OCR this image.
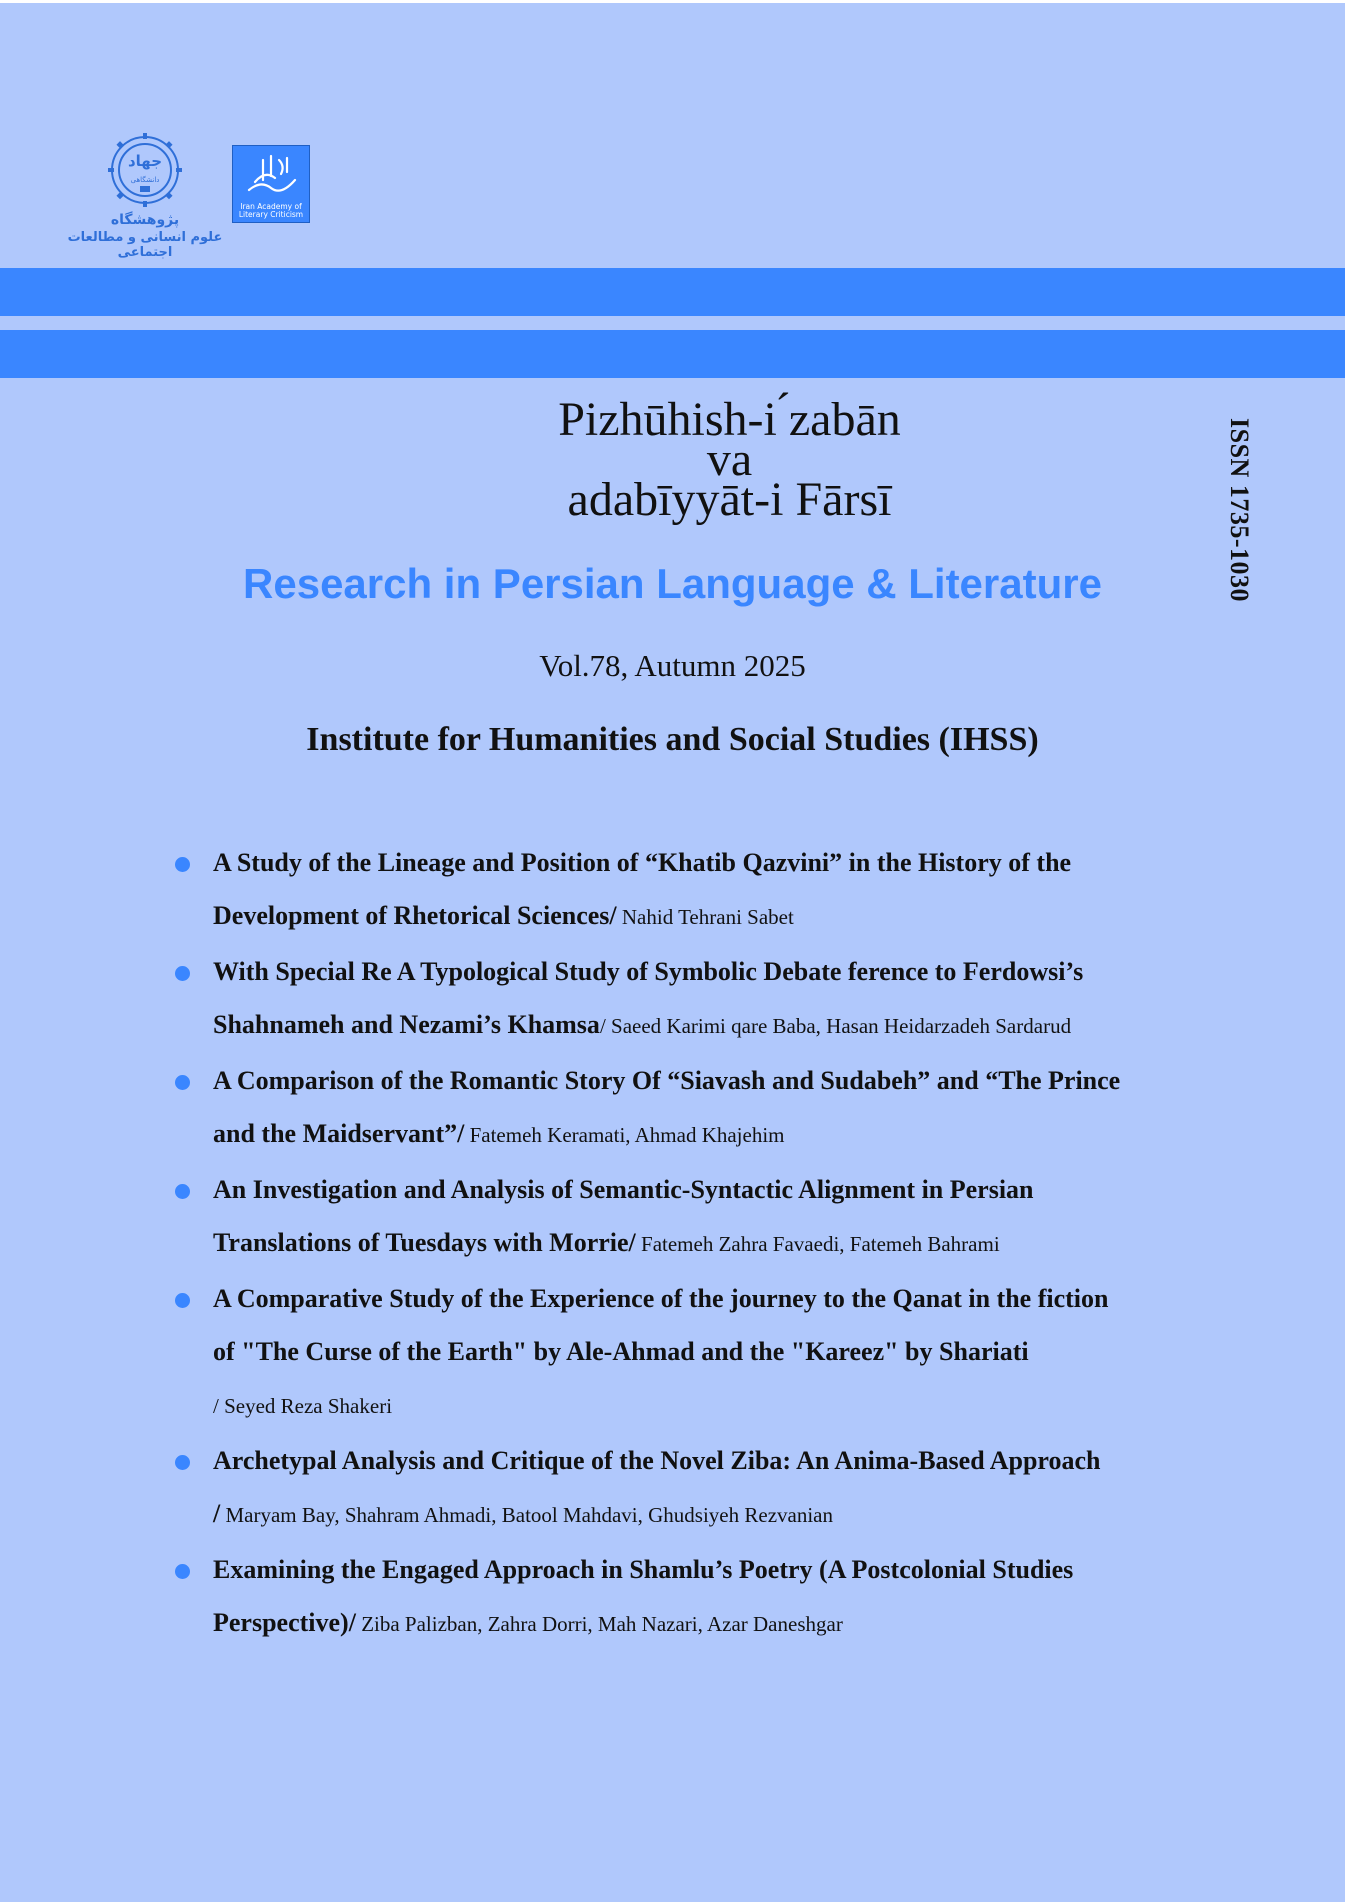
جهاد
دانشگاهی
پژوهشگاه
علوم انسانی و مطالعات اجتماعی
Iran Academy of
Literary Criticism
ISSN 1735-1030
Pizhūhish-i ́zabān
va
adabīyyāt-i Fārsī
Research in Persian Language & Literature
Vol.78, Autumn 2025
Institute for Humanities and Social Studies (IHSS)
A Study of the Lineage and Position of “Khatib Qazvini” in the History of the
Development of Rhetorical Sciences/ Nahid Tehrani Sabet
With Special Re A Typological Study of Symbolic Debate ference to Ferdowsi’s
Shahnameh and Nezami’s Khamsa/ Saeed Karimi qare Baba, Hasan Heidarzadeh Sardarud
A Comparison of the Romantic Story Of “Siavash and Sudabeh” and “The Prince
and the Maidservant”/ Fatemeh Keramati, Ahmad Khajehim
An Investigation and Analysis of Semantic-Syntactic Alignment in Persian
Translations of Tuesdays with Morrie/ Fatemeh Zahra Favaedi, Fatemeh Bahrami
A Comparative Study of the Experience of the journey to the Qanat in the fiction
of "The Curse of the Earth" by Ale-Ahmad and the "Kareez" by Shariati
/ Seyed Reza Shakeri
Archetypal Analysis and Critique of the Novel Ziba: An Anima-Based Approach
/ Maryam Bay, Shahram Ahmadi, Batool Mahdavi, Ghudsiyeh Rezvanian
Examining the Engaged Approach in Shamlu’s Poetry (A Postcolonial Studies
Perspective)/ Ziba Palizban, Zahra Dorri, Mah Nazari, Azar Daneshgar
